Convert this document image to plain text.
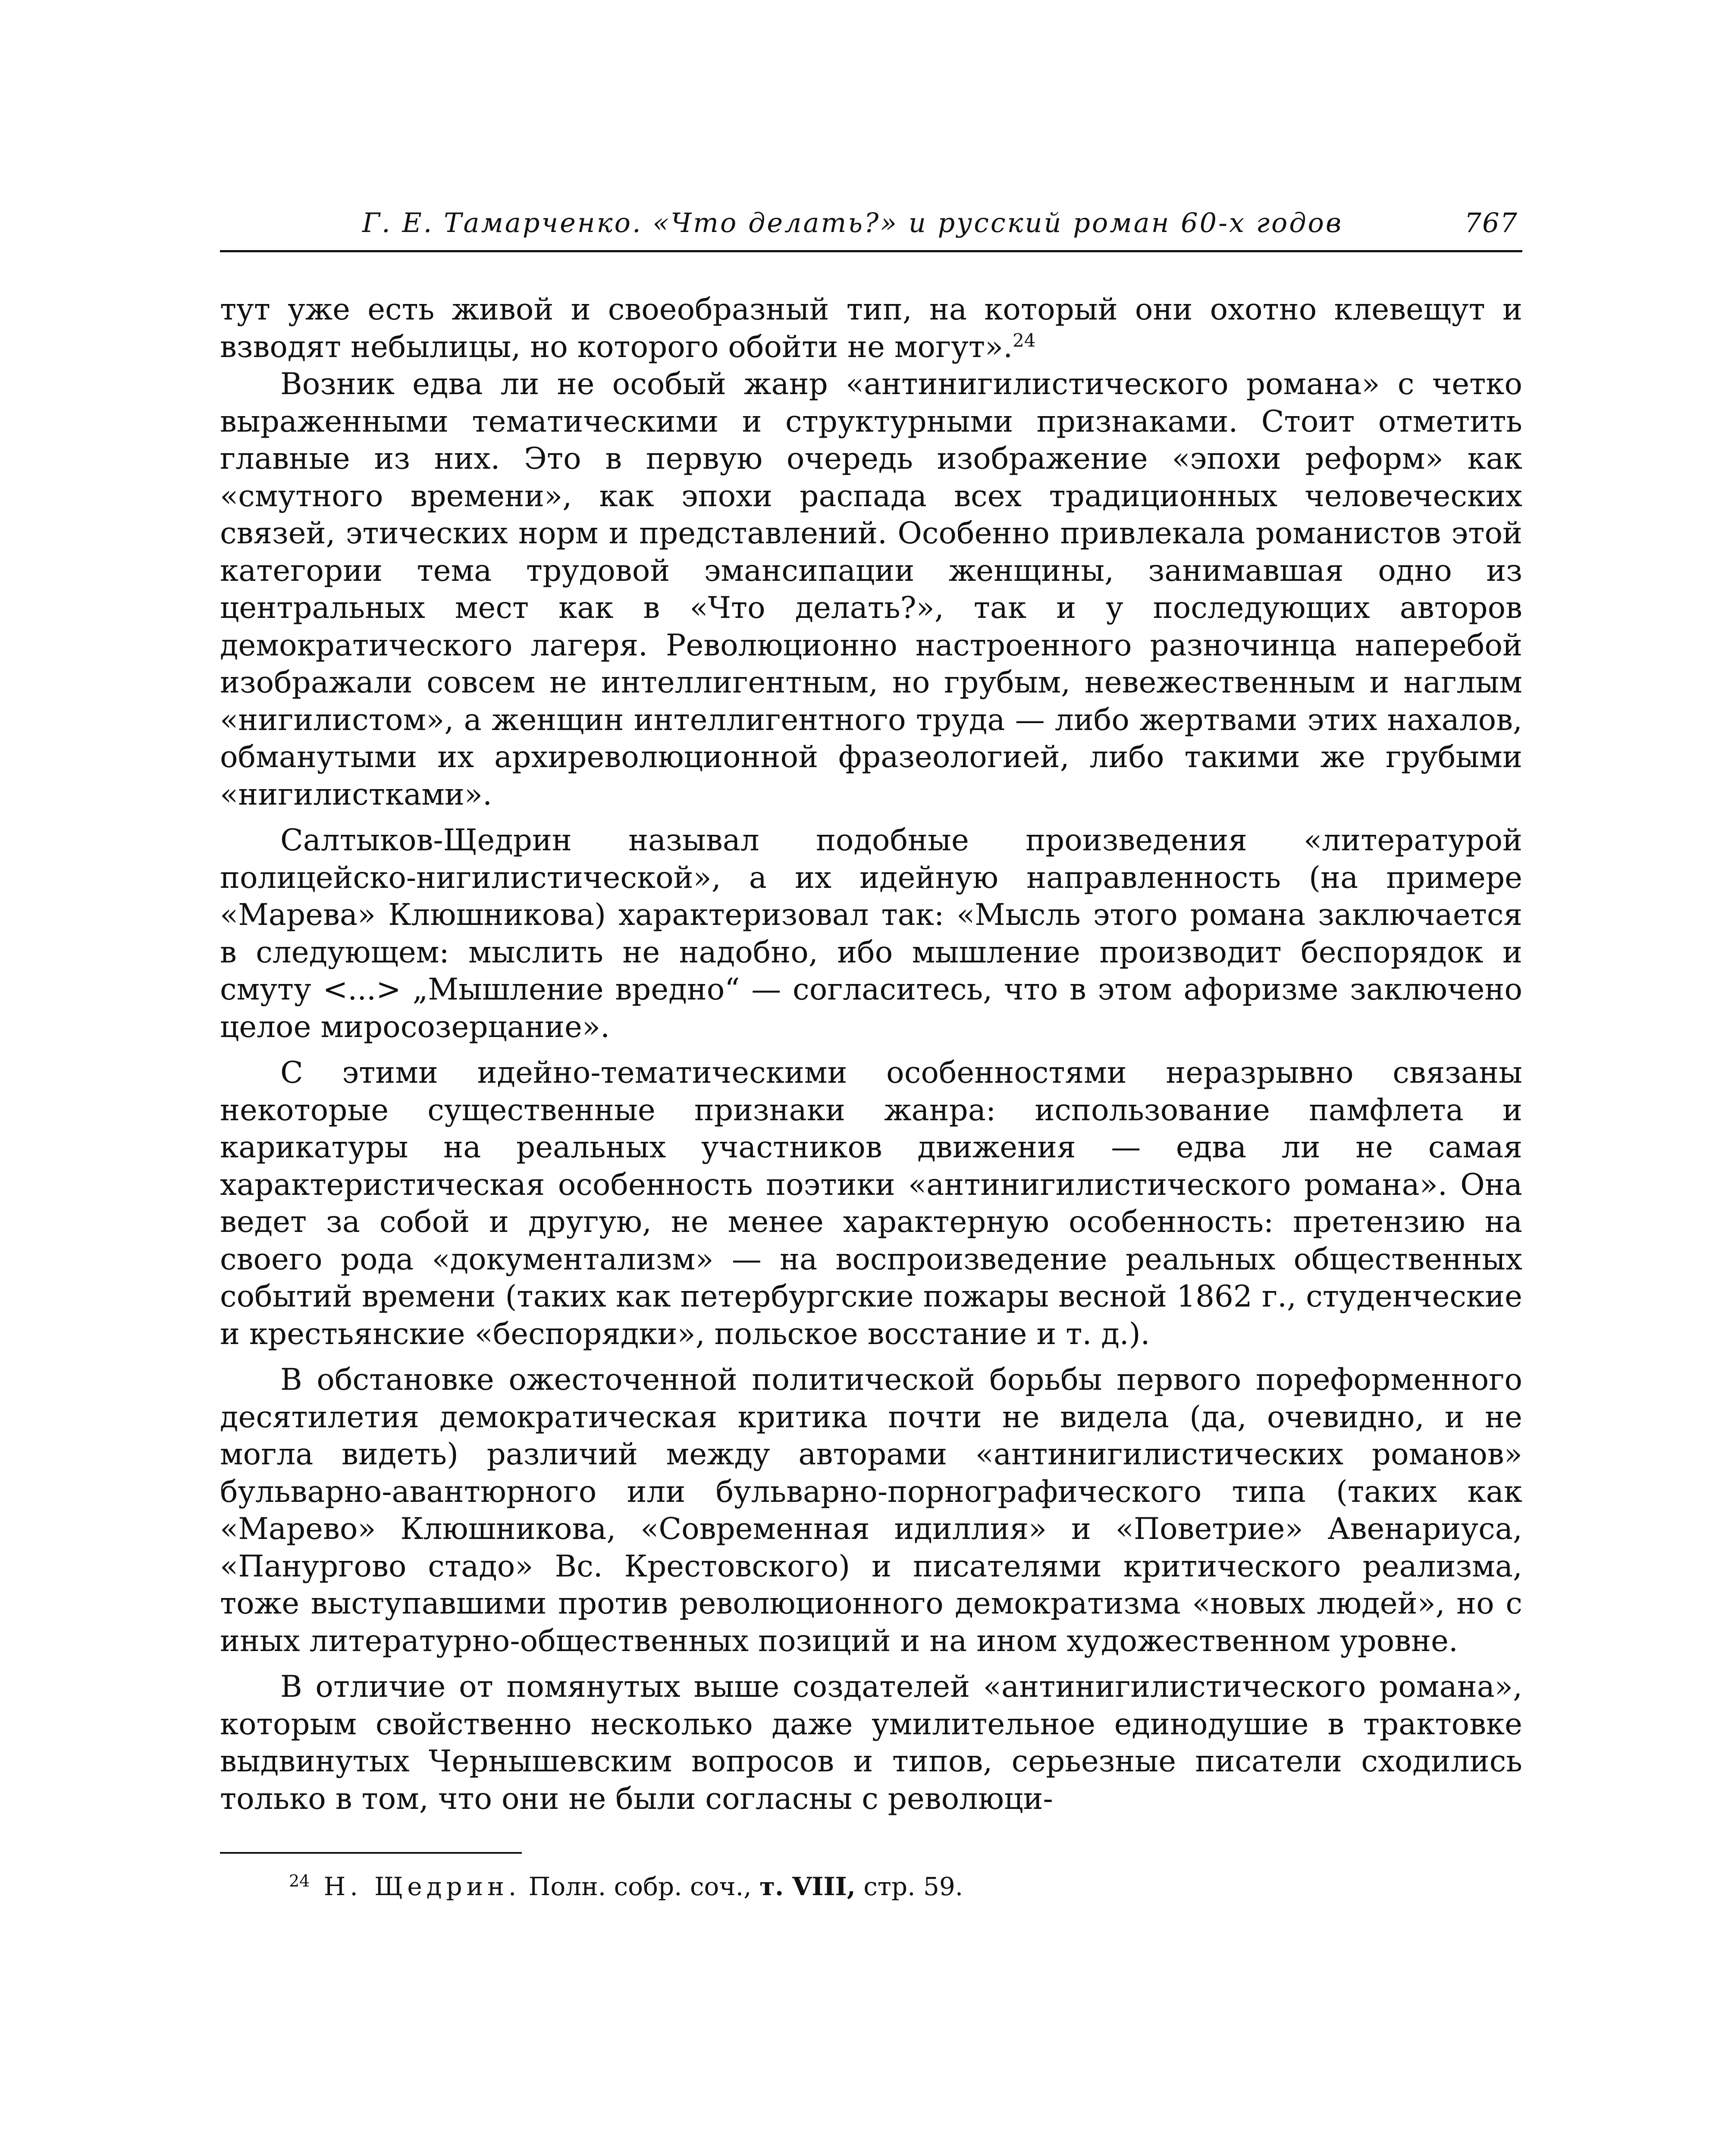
Г. Е. Тамарченко. «Что делать?» и русский роман 60-х годов	767

тут уже есть живой и своеобразный тип, на который они охотно клевещут и взводят небылицы, но которого обойти не могут».$^{24}$

Возник едва ли не особый жанр «антинигилистического романа» с четко выраженными тематическими и структурными признаками. Стоит отметить главные из них. Это в первую очередь изображение «эпохи реформ» как «смутного времени», как эпохи распада всех традиционных человеческих связей, этических норм и представлений. Особенно привлекала романистов этой категории тема трудовой эмансипации женщины, занимавшая одно из центральных мест как в «Что делать?», так и у последующих авторов демократического лагеря. Революционно настроенного разночинца наперебой изображали совсем не интеллигентным, но грубым, невежественным и наглым «нигилистом», а женщин интеллигентного труда — либо жертвами этих нахалов, обманутыми их архиреволюционной фразеологией, либо такими же грубыми «нигилистками».

Салтыков-Щедрин называл подобные произведения «литературой полицейско-нигилистической», а их идейную направленность (на примере «Марева» Клюшникова) характеризовал так: «Мысль этого романа заключается в следующем: мыслить не надобно, ибо мышление производит беспорядок и смуту <...> „Мышление вредно“ — согласитесь, что в этом афоризме заключено целое миросозерцание».

С этими идейно-тематическими особенностями неразрывно связаны некоторые существенные признаки жанра: использование памфлета и карикатуры на реальных участников движения — едва ли не самая характеристическая особенность поэтики «антинигилистического романа». Она ведет за собой и другую, не менее характерную особенность: претензию на своего рода «документализм» — на воспроизведение реальных общественных событий времени (таких как петербургские пожары весной 1862 г., студенческие и крестьянские «беспорядки», польское восстание и т. д.).

В обстановке ожесточенной политической борьбы первого пореформенного десятилетия демократическая критика почти не видела (да, очевидно, и не могла видеть) различий между авторами «антинигилистических романов» бульварно-авантюрного или бульварно-порнографического типа (таких как «Марево» Клюшникова, «Современная идиллия» и «Поветрие» Авенариуса, «Панургово стадо» Вс. Крестовского) и писателями критического реализма, тоже выступавшими против революционного демократизма «новых людей», но с иных литературно-общественных позиций и на ином художественном уровне.

В отличие от помянутых выше создателей «антинигилистического романа», которым свойственно несколько даже умилительное единодушие в трактовке выдвинутых Чернышевским вопросов и типов, серьезные писатели сходились только в том, что они не были согласны с революци-

$^{24}$ Н. Щедрин. Полн. собр. соч., т. VIII, стр. 59.
